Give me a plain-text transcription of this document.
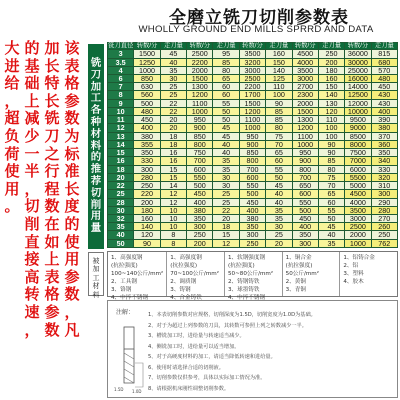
全磨立铣刀切削参数表
WHOLLY GROUND END MILLS SPRRD AND DATA
该
表
格
参
数
为
标
准
长
度
的
使
用
参
数
，
凡
加
长
特
长
铣
刀
之
行
程
数
在
如
上
表
格
参
数
的
基
础
上
减
少
一
半
，
切
削
直
接
高
转
速
，
大
进
给
，
超
负
荷
使
用
。
铣
刀
加
工
各
种
材
料
的
推
荐
切
削
用
量
被
加
工
材
料
铣刀直径	转数/分	走刀量	转数/分	走刀量	转数/分	走刀量	转数/分	走刀量	转数/分	走刀量
3	1500	45	2500	95	3500	160	4500	250	36000	815
3.5	1250	40	2200	85	3200	150	4000	200	30000	680
4	1000	35	2000	80	3000	140	3500	180	25000	570
6	850	30	1500	65	2500	125	3000	160	16000	480
7	630	25	1300	60	2200	110	2700	150	14000	450
8	560	25	1200	60	1700	100	2300	140	12500	430
9	500	22	1100	55	1500	90	2000	130	12000	430
10	480	22	1000	50	1200	85	1500	120	10000	400
11	450	20	950	50	1100	85	1300	110	9500	390
12	400	20	900	45	1000	80	1200	100	9000	380
13	380	18	850	45	950	75	1100	100	8500	370
14	355	18	800	40	900	70	1000	90	8000	360
15	350	16	750	40	850	65	950	90	7500	350
16	330	16	700	35	800	60	900	85	7000	340
18	300	15	600	35	700	55	800	80	6000	330
20	280	15	550	30	600	50	700	75	5500	320
22	250	14	500	30	550	45	650	70	5000	310
25	220	12	450	25	500	40	600	65	4500	300
28	200	12	400	25	450	40	550	60	4000	290
30	180	10	380	22	400	35	500	55	3500	280
32	160	10	350	20	380	35	450	50	3000	270
35	140	10	300	18	350	30	400	45	2500	260
40	120	8	250	15	300	25	350	40	2000	250
50	90	8	200	12	250	20	300	35	1000	762
1、高强度钢
(抗拉强度)
100~140公斤/mm²
2、工具钢
3、铬钢
4、中淬不锈钢
1、高强度钢
(抗拉强度)
70~100公斤/mm²
2、调质钢
3、铸钢
4、合金铸铁
1、软钢强度钢
(抗拉强度)
50~80公斤/mm²
2、铸钢铸铁
3、球墨铸铁
4、中淬不锈钢
1、铜合金
(抗拉强度)
50公斤/mm²
2、黄铜
3、青铜
1、铝铸合金
2、铝
3、塑料
4、胶木
注解：
1.5D 1.0D
1、本表切削参数对应规格，切削深度为1.5D，切削宽度为1.0D为基础。
2、对于为超过上列参数的刀具，其转数可参照上列之转数减少一半。
3、槽铣加工时，进给量与转速适当减少。
4、侧铣加工时，进给量可以适当增加。
5、对于高硬度材料的加工，请适当降低转速和进给量。
6、使用时请选择合适的切削液。
7、切削参数仅供参考，具体以实际加工情况为准。
8、请根据机床刚性调整切削参数。
